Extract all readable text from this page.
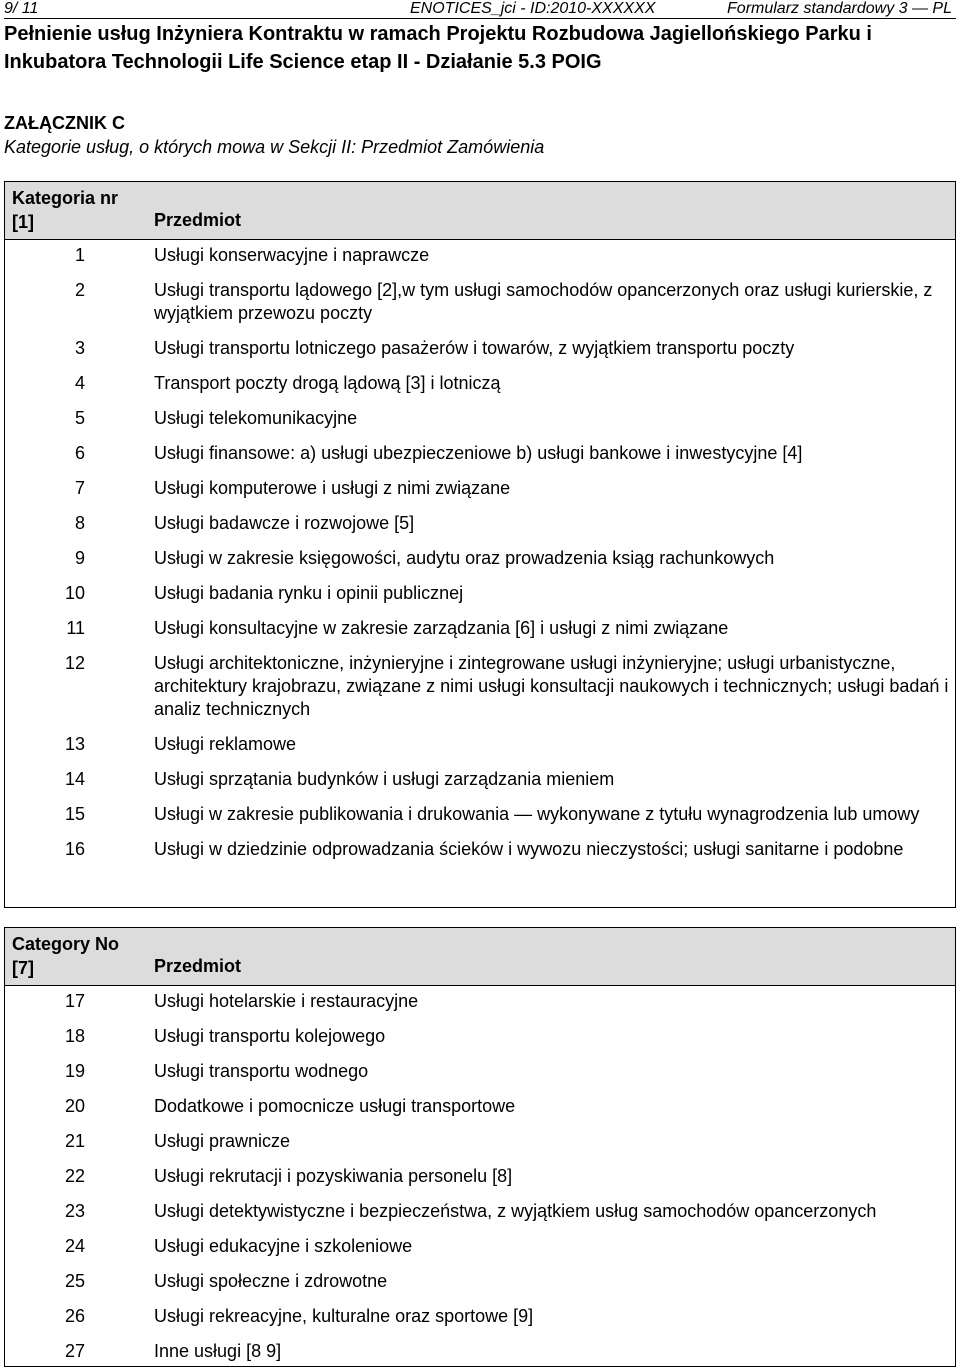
9/ 11	ENOTICES_jci - ID:2010-XXXXXX	Formularz standardowy 3 — PL
Pełnienie usług Inżyniera Kontraktu w ramach Projektu Rozbudowa Jagiellońskiego Parku i Inkubatora Technologii Life Science etap II - Działanie 5.3 POIG
ZAŁĄCZNIK C
Kategorie usług, o których mowa w Sekcji II: Przedmiot Zamówienia
Kategoria nr [1]	Przedmiot
1	Usługi konserwacyjne i naprawcze
2	Usługi transportu lądowego [2],w tym usługi samochodów opancerzonych oraz usługi kurierskie, z wyjątkiem przewozu poczty
3	Usługi transportu lotniczego pasażerów i towarów, z wyjątkiem transportu poczty
4	Transport poczty drogą lądową [3] i lotniczą
5	Usługi telekomunikacyjne
6	Usługi finansowe: a) usługi ubezpieczeniowe b) usługi bankowe i inwestycyjne [4]
7	Usługi komputerowe i usługi z nimi związane
8	Usługi badawcze i rozwojowe [5]
9	Usługi w zakresie księgowości, audytu oraz prowadzenia ksiąg rachunkowych
10	Usługi badania rynku i opinii publicznej
11	Usługi konsultacyjne w zakresie zarządzania [6] i usługi z nimi związane
12	Usługi architektoniczne, inżynieryjne i zintegrowane usługi inżynieryjne; usługi urbanistyczne, architektury krajobrazu, związane z nimi usługi konsultacji naukowych i technicznych; usługi badań i analiz technicznych
13	Usługi reklamowe
14	Usługi sprzątania budynków i usługi zarządzania mieniem
15	Usługi w zakresie publikowania i drukowania — wykonywane z tytułu wynagrodzenia lub umowy
16	Usługi w dziedzinie odprowadzania ścieków i wywozu nieczystości; usługi sanitarne i podobne
Category No [7]	Przedmiot
17	Usługi hotelarskie i restauracyjne
18	Usługi transportu kolejowego
19	Usługi transportu wodnego
20	Dodatkowe i pomocnicze usługi transportowe
21	Usługi prawnicze
22	Usługi rekrutacji i pozyskiwania personelu [8]
23	Usługi detektywistyczne i bezpieczeństwa, z wyjątkiem usług samochodów opancerzonych
24	Usługi edukacyjne i szkoleniowe
25	Usługi społeczne i zdrowotne
26	Usługi rekreacyjne, kulturalne oraz sportowe [9]
27	Inne usługi [8 9]
